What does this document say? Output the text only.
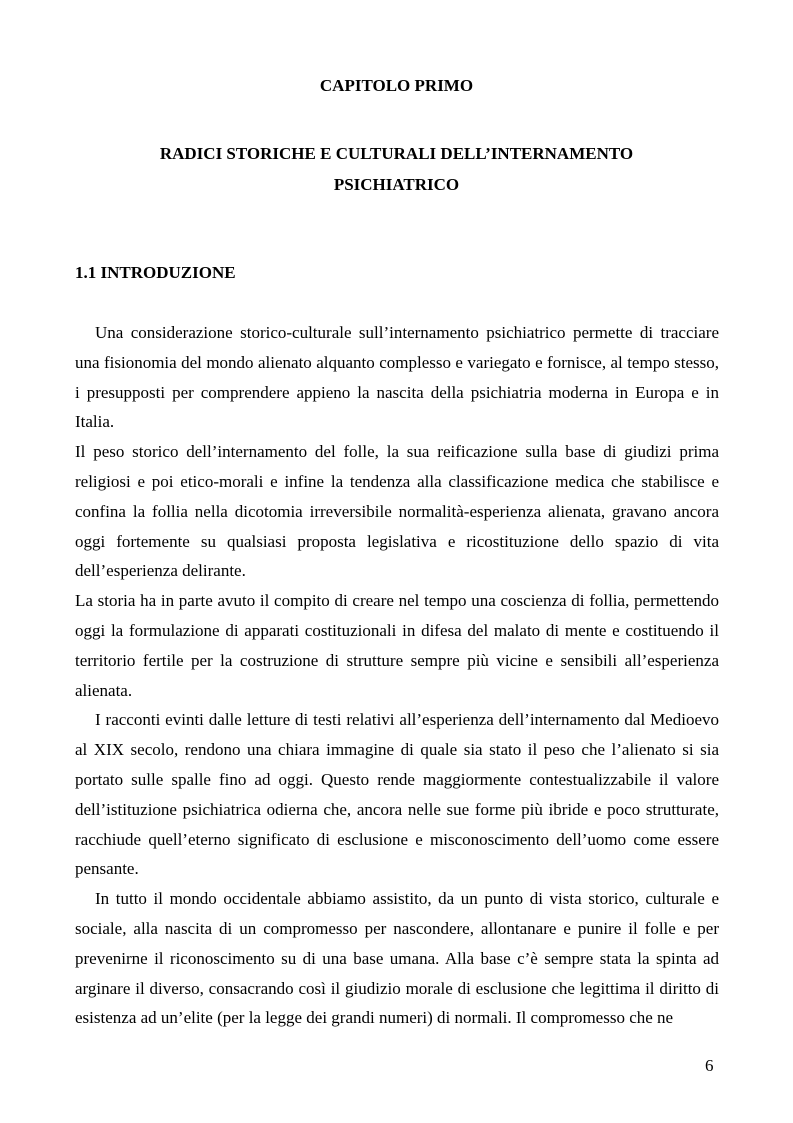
CAPITOLO PRIMO
RADICI STORICHE E CULTURALI DELL’INTERNAMENTO
PSICHIATRICO
1.1 INTRODUZIONE

Una considerazione storico-culturale sull’internamento psichiatrico permette di tracciare una fisionomia del mondo alienato alquanto complesso e variegato e fornisce, al tempo stesso, i presupposti per comprendere appieno la nascita della psichiatria moderna in Europa e in Italia.

Il peso storico dell’internamento del folle, la sua reificazione sulla base di giudizi prima religiosi e poi etico-morali e infine la tendenza alla classificazione medica che stabilisce e confina la follia nella dicotomia irreversibile normalità-esperienza alienata, gravano ancora oggi fortemente su qualsiasi proposta legislativa e ricostituzione dello spazio di vita dell’esperienza delirante.

La storia ha in parte avuto il compito di creare nel tempo una coscienza di follia, permettendo oggi la formulazione di apparati costituzionali in difesa del malato di mente e costituendo il territorio fertile per la costruzione di strutture sempre più vicine e sensibili all’esperienza alienata.

I racconti evinti dalle letture di testi relativi all’esperienza dell’internamento dal Medioevo al XIX secolo, rendono una chiara immagine di quale sia stato il peso che l’alienato si sia portato sulle spalle fino ad oggi. Questo rende maggiormente contestualizzabile il valore dell’istituzione psichiatrica odierna che, ancora nelle sue forme più ibride e poco strutturate, racchiude quell’eterno significato di esclusione e misconoscimento dell’uomo come essere pensante.

In tutto il mondo occidentale abbiamo assistito, da un punto di vista storico, culturale e sociale, alla nascita di un compromesso per nascondere, allontanare e punire il folle e per prevenirne il riconoscimento su di una base umana. Alla base c’è sempre stata la spinta ad arginare il diverso, consacrando così il giudizio morale di esclusione che legittima il diritto di esistenza ad un’elite (per la legge dei grandi numeri) di normali. Il compromesso che ne

6
